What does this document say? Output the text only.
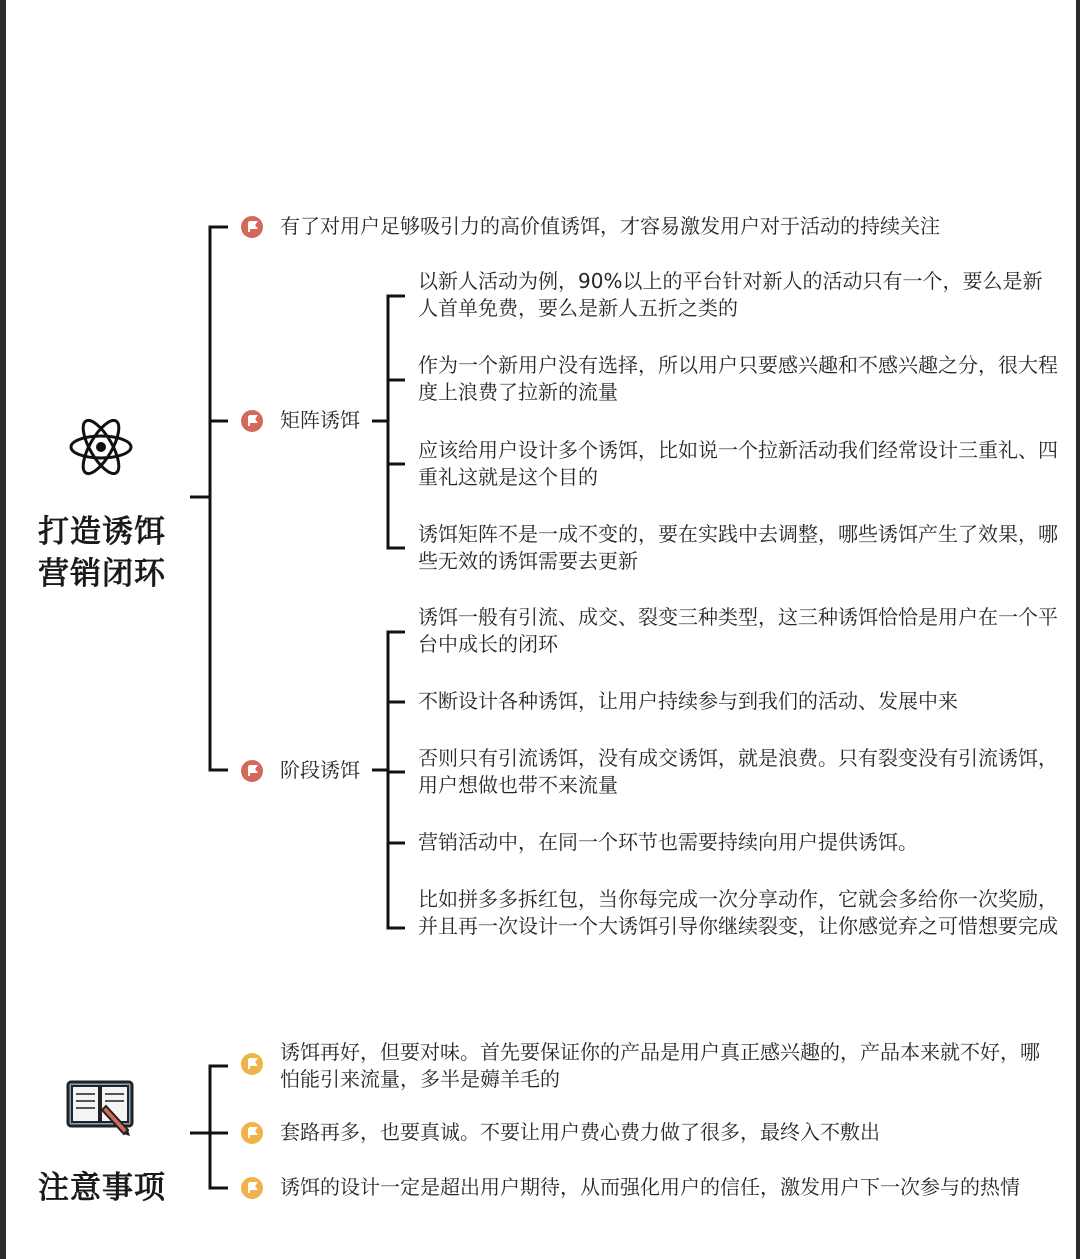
打造诱饵
营销闭环
有了对用户足够吸引力的高价值诱饵，才容易激发用户对于活动的持续关注
矩阵诱饵
以新人活动为例，90%以上的平台针对新人的活动只有一个，要么是新人首单免费，要么是新人五折之类的
作为一个新用户没有选择，所以用户只要感兴趣和不感兴趣之分，很大程度上浪费了拉新的流量
应该给用户设计多个诱饵，比如说一个拉新活动我们经常设计三重礼、四重礼这就是这个目的
诱饵矩阵不是一成不变的，要在实践中去调整，哪些诱饵产生了效果，哪些无效的诱饵需要去更新
阶段诱饵
诱饵一般有引流、成交、裂变三种类型，这三种诱饵恰恰是用户在一个平台中成长的闭环
不断设计各种诱饵，让用户持续参与到我们的活动、发展中来
否则只有引流诱饵，没有成交诱饵，就是浪费。只有裂变没有引流诱饵，用户想做也带不来流量
营销活动中，在同一个环节也需要持续向用户提供诱饵。
比如拼多多拆红包，当你每完成一次分享动作，它就会多给你一次奖励，并且再一次设计一个大诱饵引导你继续裂变，让你感觉弃之可惜想要完成
注意事项
诱饵再好，但要对味。首先要保证你的产品是用户真正感兴趣的，产品本来就不好，哪怕能引来流量，多半是薅羊毛的
套路再多，也要真诚。不要让用户费心费力做了很多，最终入不敷出
诱饵的设计一定是超出用户期待，从而强化用户的信任，激发用户下一次参与的热情
